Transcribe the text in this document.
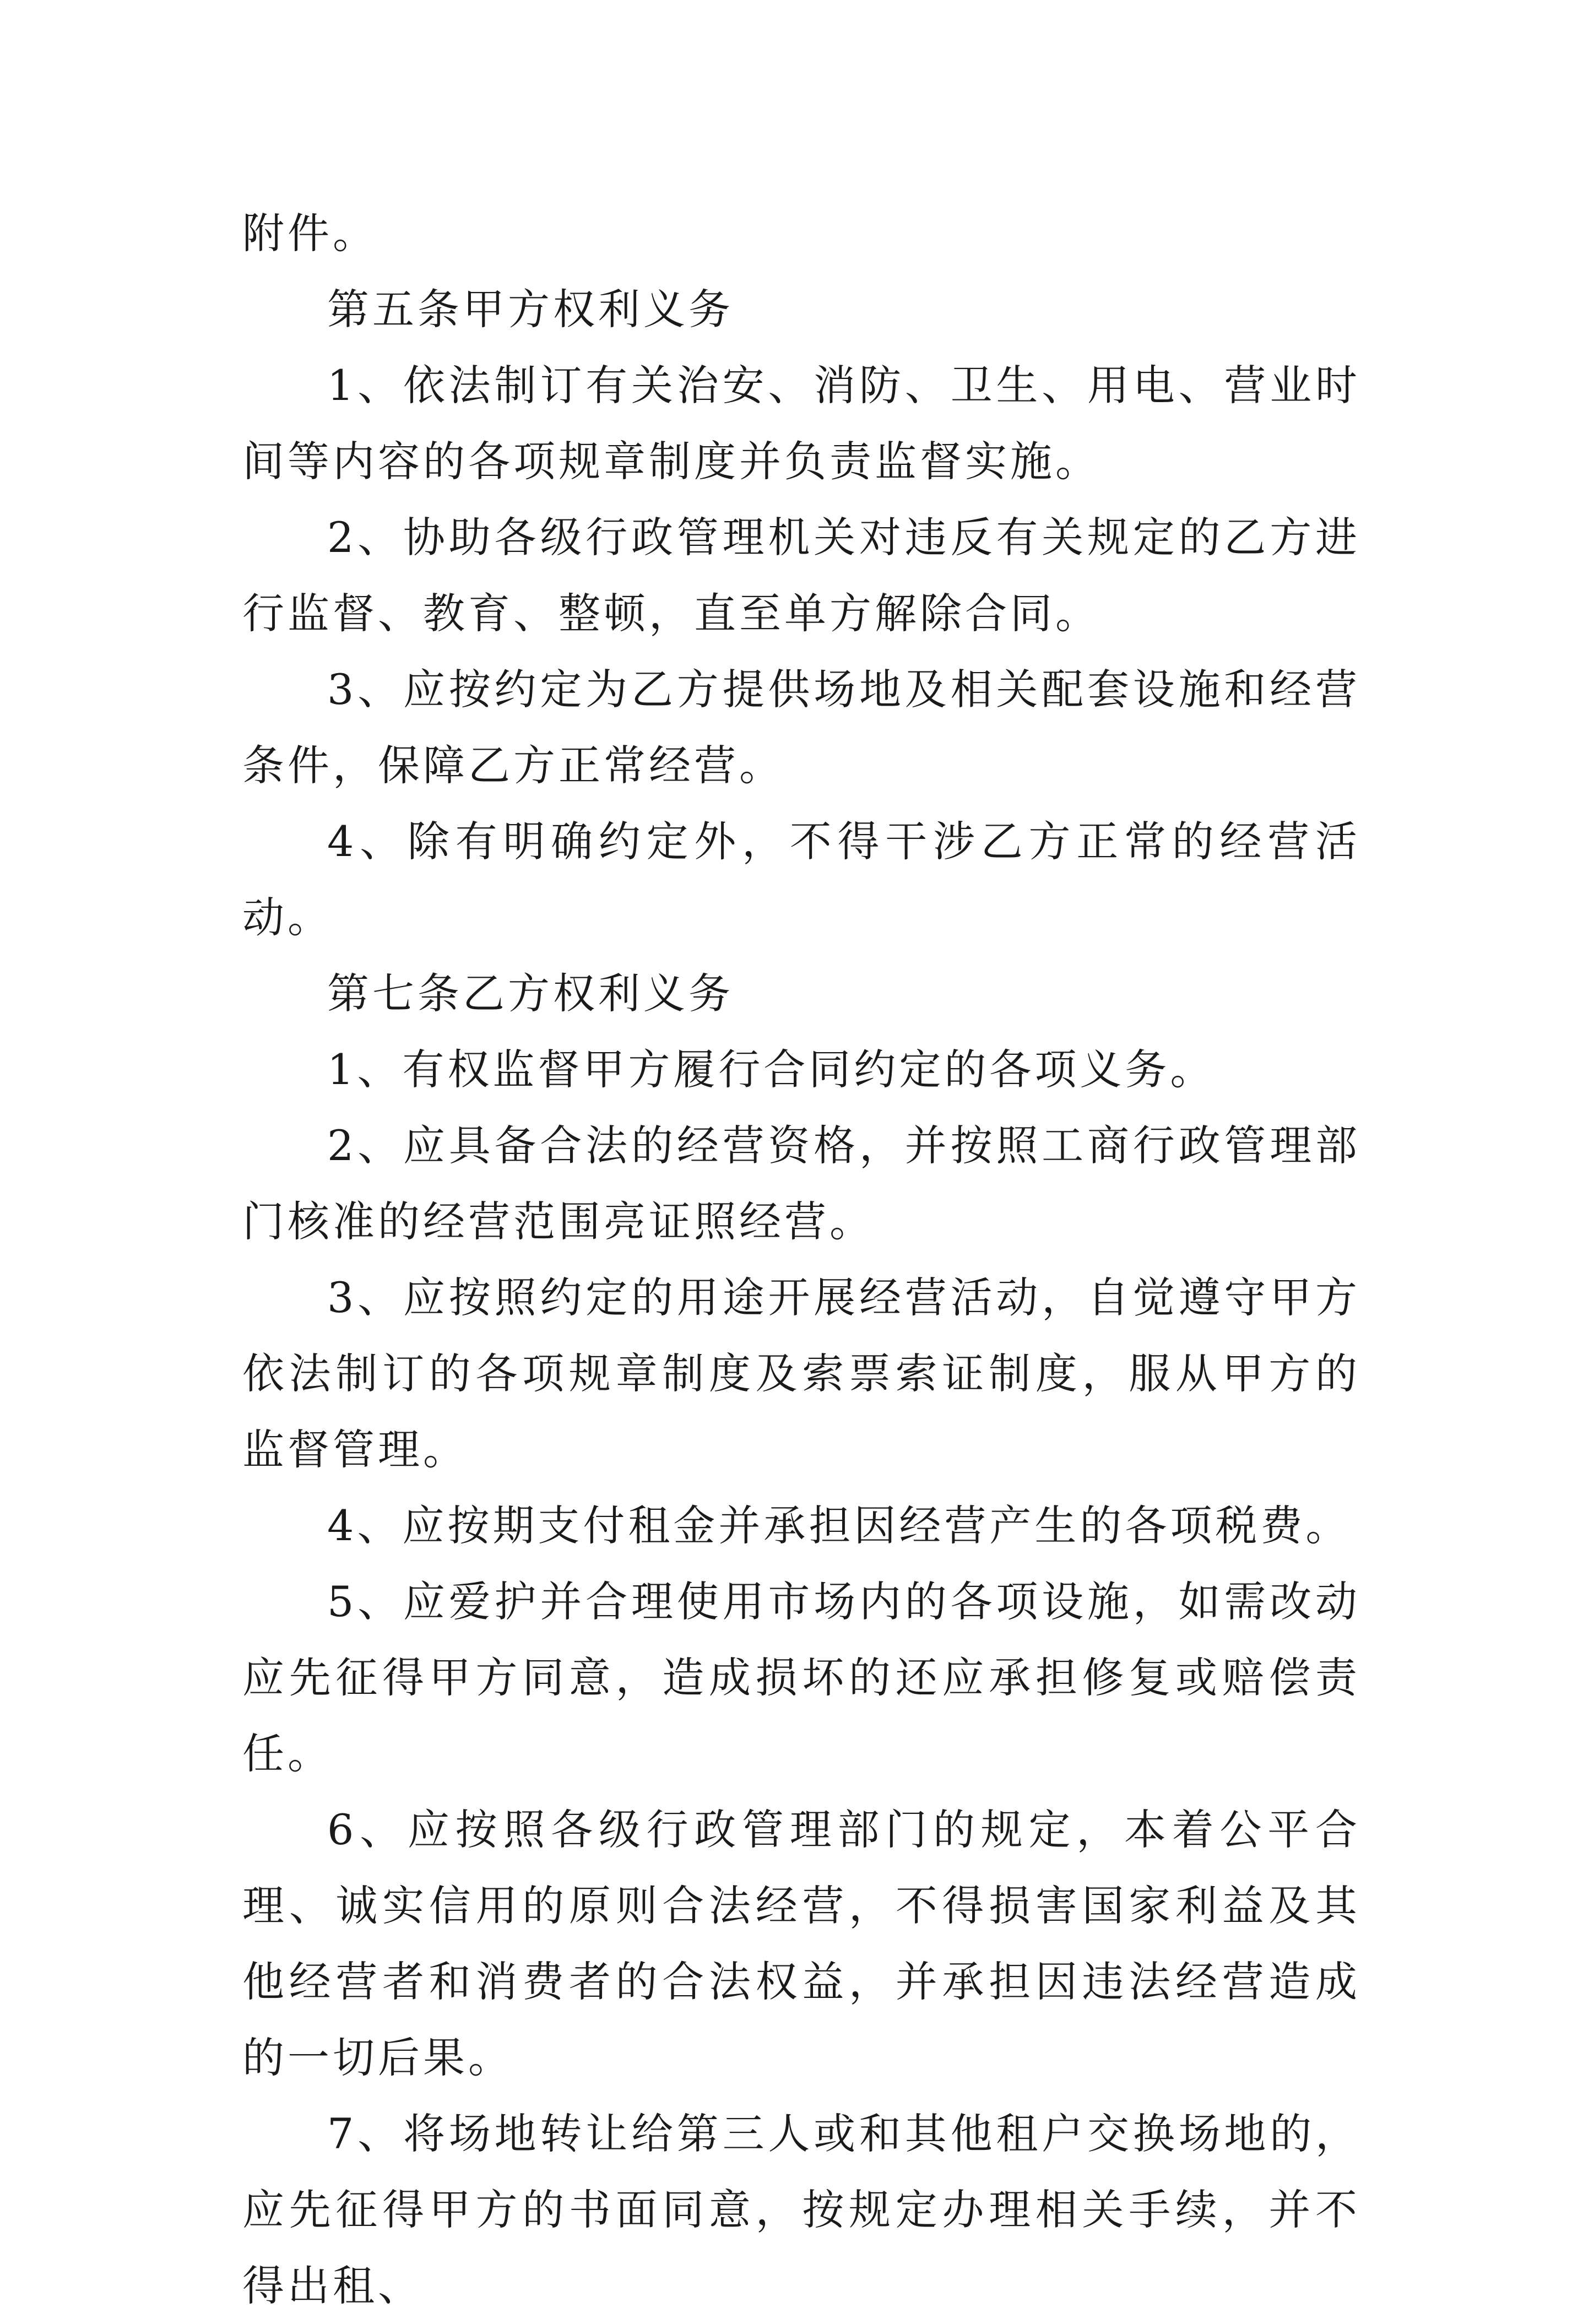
附件。

第五条甲方权利义务

1、依法制订有关治安、消防、卫生、用电、营业时间等内容的各项规章制度并负责监督实施。

2、协助各级行政管理机关对违反有关规定的乙方进行监督、教育、整顿，直至单方解除合同。

3、应按约定为乙方提供场地及相关配套设施和经营条件，保障乙方正常经营。

4、除有明确约定外，不得干涉乙方正常的经营活动。

第七条乙方权利义务

1、有权监督甲方履行合同约定的各项义务。

2、应具备合法的经营资格，并按照工商行政管理部门核准的经营范围亮证照经营。

3、应按照约定的用途开展经营活动，自觉遵守甲方依法制订的各项规章制度及索票索证制度，服从甲方的监督管理。

4、应按期支付租金并承担因经营产生的各项税费。

5、应爱护并合理使用市场内的各项设施，如需改动应先征得甲方同意，造成损坏的还应承担修复或赔偿责任。

6、应按照各级行政管理部门的规定，本着公平合理、诚实信用的原则合法经营，不得损害国家利益及其他经营者和消费者的合法权益，并承担因违法经营造成的一切后果。

7、将场地转让给第三人或和其他租户交换场地的，应先征得甲方的书面同意，按规定办理相关手续，并不得出租、
